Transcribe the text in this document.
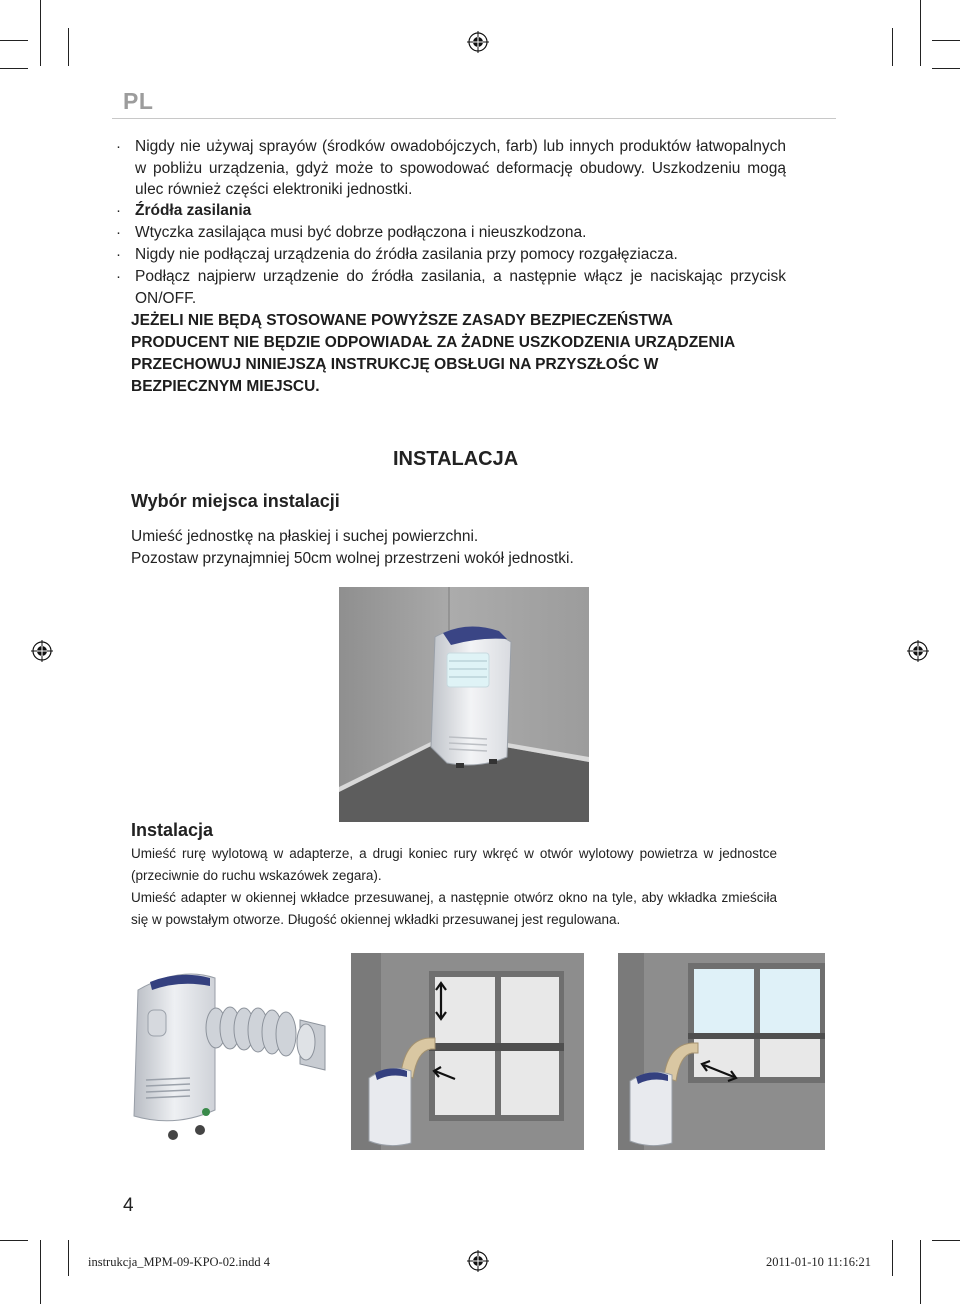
PL
· Nigdy nie używaj sprayów (środków owadobójczych, farb) lub innych produktów łatwopalnych w pobliżu urządzenia, gdyż może to spowodować deformację obudowy. Uszkodzeniu mogą ulec również części elektroniki jednostki.
· Źródła zasilania
· Wtyczka zasilająca musi być dobrze podłączona i nieuszkodzona.
· Nigdy nie podłączaj urządzenia do źródła zasilania przy pomocy rozgałęziacza.
· Podłącz najpierw urządzenie do źródła zasilania, a następnie włącz je naciskając przycisk ON/OFF.
JEŻELI NIE BĘDĄ STOSOWANE POWYŻSZE ZASADY BEZPIECZEŃSTWA
PRODUCENT NIE BĘDZIE ODPOWIADAŁ ZA ŻADNE USZKODZENIA URZĄDZENIA
PRZECHOWUJ NINIEJSZĄ INSTRUKCJĘ OBSŁUGI NA PRZYSZŁOŚC W
BEZPIECZNYM MIEJSCU.
INSTALACJA
Wybór miejsca instalacji
Umieść jednostkę na płaskiej i suchej powierzchni.
Pozostaw przynajmniej 50cm wolnej przestrzeni wokół jednostki.
Instalacja
Umieść rurę wylotową w adapterze, a drugi koniec rury wkręć w otwór wylotowy powietrza w jednostce (przeciwnie do ruchu wskazówek zegara).
Umieść adapter w okiennej wkładce przesuwanej, a następnie otwórz okno na tyle, aby wkładka zmieściła się w powstałym otworze. Długość okiennej wkładki przesuwanej jest regulowana.
4
instrukcja_MPM-09-KPO-02.indd 4	2011-01-10 11:16:21
